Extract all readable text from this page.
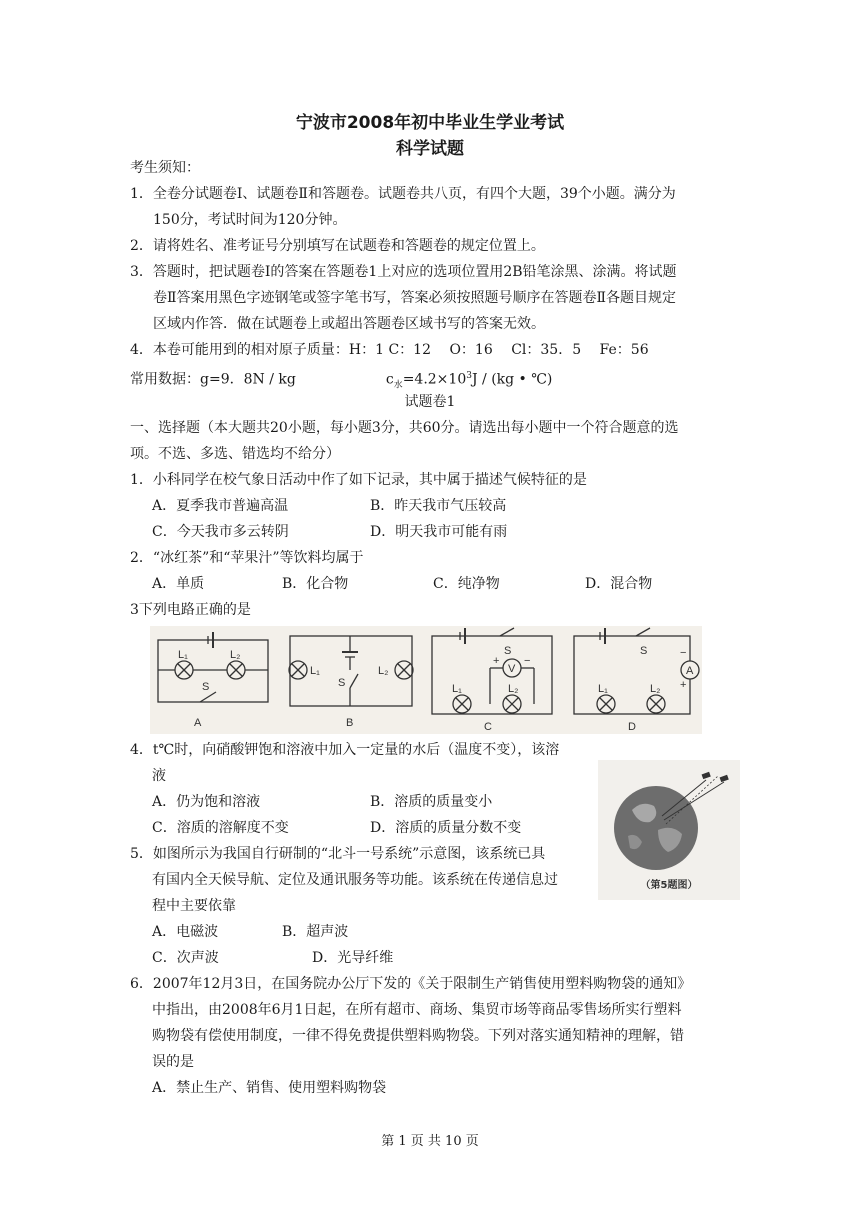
宁波市2008年初中毕业生学业考试
科学试题
考生须知：
1．全卷分试题卷Ⅰ、试题卷Ⅱ和答题卷。试题卷共八页，有四个大题，39个小题。满分为
150分，考试时间为120分钟。
2．请将姓名、准考证号分别填写在试题卷和答题卷的规定位置上。
3．答题时，把试题卷Ⅰ的答案在答题卷1上对应的选项位置用2B铅笔涂黑、涂满。将试题
卷Ⅱ答案用黑色字迹钢笔或签字笔书写，答案必须按照题号顺序在答题卷Ⅱ各题目规定
区域内作答．做在试题卷上或超出答题卷区域书写的答案无效。
4．本卷可能用到的相对原子质量：H：1 C：12　 O：16　 Cl：35．5　 Fe：56
常用数据：g=9．8N / kg	$c_水=4.2\times 10^3J / (kg$ • ℃)
试题卷1
一、选择题（本大题共20小题，每小题3分，共60分。请选出每小题中一个符合题意的选
项。不选、多选、错选均不给分）
1．小科同学在校气象日活动中作了如下记录，其中属于描述气候特征的是
A．夏季我市普遍高温	B．昨天我市气压较高
C．今天我市多云转阴	D．明天我市可能有雨
2．“冰红茶”和“苹果汁”等饮料均属于
A．单质	B．化合物	C．纯净物	D．混合物
3下列电路正确的是
L₁	L₂
S
A
L₁	L₂
S
B
S
V
+ −
L₁	L₂
C
S
A
−
+
L₁	L₂
D
4．t℃时，向硝酸钾饱和溶液中加入一定量的水后（温度不变），该溶
液
A．仍为饱和溶液	B．溶质的质量变小
C．溶质的溶解度不变	D．溶质的质量分数不变
（第5题图）
5．如图所示为我国自行研制的“北斗一号系统”示意图，该系统已具
有国内全天候导航、定位及通讯服务等功能。该系统在传递信息过
程中主要依靠
A．电磁波	B．超声波
C．次声波	D．光导纤维
6．2007年12月3日，在国务院办公厅下发的《关于限制生产销售使用塑料购物袋的通知》
中指出，由2008年6月1日起，在所有超市、商场、集贸市场等商品零售场所实行塑料
购物袋有偿使用制度，一律不得免费提供塑料购物袋。下列对落实通知精神的理解，错
误的是
A．禁止生产、销售、使用塑料购物袋
第 1 页 共 10 页
